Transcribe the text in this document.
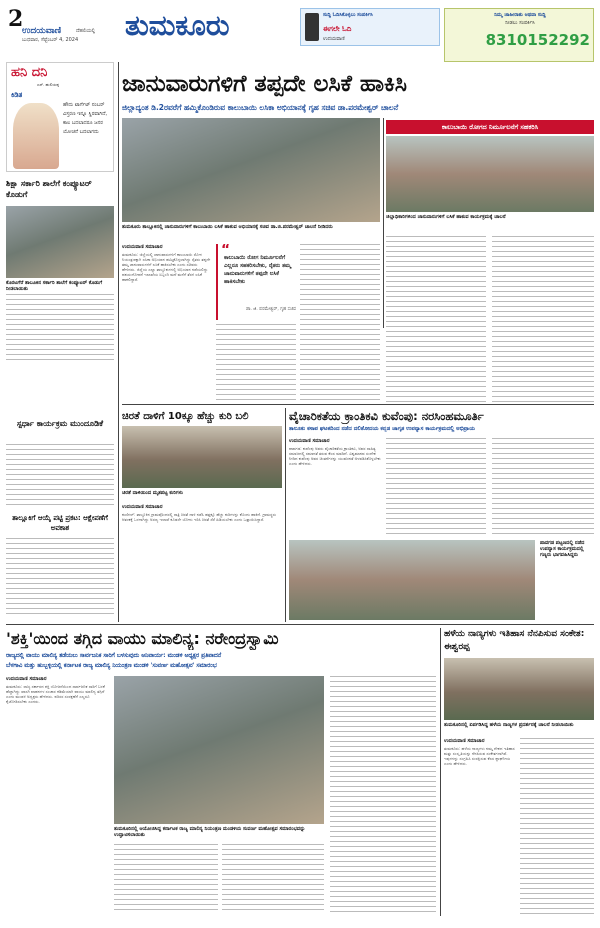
2
ಉದಯವಾಣಿ	ದೆಹಲಿಯಲ್ಲಿ
ಬುಧವಾರ, ಸೆಪ್ಟೆಂಬರ್ 4, 2024 ತುಮಕೂರು	ಸುದ್ದಿ ಓದಿಸಿಕೊಳ್ಳಲು ಸಂಪರ್ಕಿಸಿ
ಈಗಲೇ ಓದಿ
ಉದಯವಾಣಿ
ನಿಮ್ಮ ಜಾಹೀರಾತು ಅಥವಾ ಸುದ್ದಿ
ನೀಡಲು ಸಂಪರ್ಕಿಸಿ
8310152292
ಹನಿ ದನಿ
ಎಸ್. ಹುಲಿಯಪ್ಪ
ಕಿಡಿತ
ಹೌದು ಟಾರ್ಗೆಟ್ ನಂಬರ್ ವಿಸ್ತರಣ ಇನ್ನೂ ಸ್ಥಿರವಾಗಿದೆ, ಕಾಲ ಬದಲಾದರೂ ಜನರ ಯೋಚನೆ ಬದಲಾಗದು
ಶಿಕ್ಷಾ ಸರ್ಕಾರಿ ಶಾಲೆಗೆ ಕಂಪ್ಯೂಟರ್ ಕೊಡುಗೆ
ಕೊರಟಗೆರೆ ತಾಲೂಕಿನ ಸರ್ಕಾರಿ ಶಾಲೆಗೆ ಕಂಪ್ಯೂಟರ್ ಕೊಡುಗೆ ನೀಡಲಾಯಿತು
ಸ್ಪರ್ಧಾ ಕಾರ್ಯಕ್ರಮ ಮುಂದೂಡಿಕೆ
ತಾಲ್ಲೂಕಿಗೆ ಆಯ್ಕೆ ಪಟ್ಟಿ ಪ್ರಕಟ: ಆಕ್ಷೇಪಣೆಗೆ ಅವಕಾಶ
ಜಾನುವಾರುಗಳಿಗೆ ತಪ್ಪದೇ ಲಸಿಕೆ ಹಾಕಿಸಿ
ಜಿಲ್ಲಾದ್ಯಂತ ಡಿ.2ರವರೆಗೆ ಹಮ್ಮಿಕೊಂಡಿರುವ ಕಾಲುಬಾಯಿ ಲಸಿಕಾ ಅಭಿಯಾನಕ್ಕೆ ಗೃಹ ಸಚಿವ ಡಾ.ಪರಮೇಶ್ವರ್ ಚಾಲನೆ
ಕಾಲುಬಾಯಿ ರೋಗದ ನಿರ್ಮೂಲನೆಗೆ ಸಹಕರಿಸಿ
ಜಿಲ್ಲಾಧಿಕಾರಿಗಳಿಂದ ಜಾನುವಾರುಗಳಿಗೆ ಲಸಿಕೆ ಹಾಕುವ ಕಾರ್ಯಕ್ರಮಕ್ಕೆ ಚಾಲನೆ
ತುಮಕೂರು ತಾಲ್ಲೂಕಿನಲ್ಲಿ ಜಾನುವಾರುಗಳಿಗೆ ಕಾಲುಬಾಯಿ ಲಸಿಕೆ ಹಾಕುವ ಅಭಿಯಾನಕ್ಕೆ ಸಚಿವ ಡಾ.ಜಿ.ಪರಮೇಶ್ವರ್ ಚಾಲನೆ ನೀಡಿದರು
ಉದಯವಾಣಿ ಸಮಾಚಾರ
ತುಮಕೂರು: ಜಿಲ್ಲೆಯಲ್ಲಿ ಜಾನುವಾರುಗಳಿಗೆ ಕಾಲುಬಾಯಿ ರೋಗ ನಿಯಂತ್ರಣಕ್ಕಾಗಿ ಲಸಿಕಾ ಅಭಿಯಾನ ಹಮ್ಮಿಕೊಳ್ಳಲಾಗಿದ್ದು ರೈತರು ತಪ್ಪದೇ ತಮ್ಮ ಜಾನುವಾರುಗಳಿಗೆ ಲಸಿಕೆ ಹಾಕಿಸಬೇಕು ಎಂದು ಸಚಿವರು ಹೇಳಿದರು. ಜಿಲ್ಲೆಯ ಎಲ್ಲಾ ತಾಲ್ಲೂಕುಗಳಲ್ಲಿ ಅಭಿಯಾನ ನಡೆಯಲಿದ್ದು ಪಶುಸಂಗೋಪನೆ ಇಲಾಖೆಯ ಸಿಬ್ಬಂದಿ ಮನೆ ಮನೆಗೆ ತೆರಳಿ ಲಸಿಕೆ ಹಾಕಲಿದ್ದಾರೆ.
“
ಕಾಲುಬಾಯಿ ರೋಗ ನಿರ್ಮೂಲನೆಗೆ ಎಲ್ಲರೂ ಸಹಕರಿಸಬೇಕು, ರೈತರು ತಮ್ಮ ಜಾನುವಾರುಗಳಿಗೆ ತಪ್ಪದೇ ಲಸಿಕೆ ಹಾಕಿಸಬೇಕು
ಡಾ. ಜಿ. ಪರಮೇಶ್ವರ್, ಗೃಹ ಸಚಿವ
ಚಿರತೆ ದಾಳಿಗೆ 10ಕ್ಕೂ ಹೆಚ್ಚು ಕುರಿ ಬಲಿ
ಚಿರತೆ ದಾಳಿಯಿಂದ ಮೃತಪಟ್ಟ ಕುರಿಗಳು
ಉದಯವಾಣಿ ಸಮಾಚಾರ
ಕುಣಿಗಲ್: ತಾಲ್ಲೂಕಿನ ಗ್ರಾಮವೊಂದರಲ್ಲಿ ರಾತ್ರಿ ಚಿರತೆ ದಾಳಿ ನಡೆಸಿ ಹತ್ತಕ್ಕೂ ಹೆಚ್ಚು ಕುರಿಗಳನ್ನು ಕೊಂದು ಹಾಕಿದೆ. ಗ್ರಾಮಸ್ಥರು ಆತಂಕಕ್ಕೆ ಒಳಗಾಗಿದ್ದು ಅರಣ್ಯ ಇಲಾಖೆ ಕೂಡಲೇ ಬೋನು ಇರಿಸಿ ಚಿರತೆ ಸೆರೆ ಹಿಡಿಯಬೇಕು ಎಂದು ಒತ್ತಾಯಿಸಿದ್ದಾರೆ.
ವೈಚಾರಿಕತೆಯ ಕ್ರಾಂತಿಕವಿ ಕುವೆಂಪು: ನರಸಿಂಹಮೂರ್ತಿ
ತಾಲೂಕು ಕಸಾಪ ಘಟಕದಿಂದ ನಡೆದ ದಲಿತೋದಯ ಕನ್ನಡ ಜಾಗೃತ ಉಪನ್ಯಾಸ ಕಾರ್ಯಕ್ರಮದಲ್ಲಿ ಅಭಿಪ್ರಾಯ
ಉದಯವಾಣಿ ಸಮಾಚಾರ
ಪಾವಗಡ: ಕುವೆಂಪು ಅವರು ವೈಚಾರಿಕತೆಯ ಕ್ರಾಂತಿಕವಿ, ಅವರ ಸಾಹಿತ್ಯ ಸಮಾಜದಲ್ಲಿ ಸಮಾನತೆ ತರುವ ಕೆಲಸ ಮಾಡಿದೆ. ವಿಶ್ವಮಾನವ ಸಂದೇಶ ನೀಡಿದ ಕುವೆಂಪು ಅವರ ಚಿಂತನೆಗಳನ್ನು ಯುವಜನತೆ ಅಳವಡಿಸಿಕೊಳ್ಳಬೇಕು ಎಂದು ಹೇಳಿದರು.
ಪಾವಗಡ ಪಟ್ಟಣದಲ್ಲಿ ನಡೆದ ಉಪನ್ಯಾಸ ಕಾರ್ಯಕ್ರಮದಲ್ಲಿ ಗಣ್ಯರು ಭಾಗವಹಿಸಿದ್ದರು
'ಶಕ್ತಿ'ಯಿಂದ ತಗ್ಗಿದ ವಾಯು ಮಾಲಿನ್ಯ: ನರೇಂದ್ರಸ್ವಾಮಿ
ರಾಜ್ಯದಲ್ಲಿ ವಾಯು ಮಾಲಿನ್ಯ ತಡೆಯಲು ಸಾರ್ವಜನಿಕ ಸಾರಿಗೆ ಬಳಸುವುದು ಅನಿವಾರ್ಯ: ಮಂಡಳಿ ಅಧ್ಯಕ್ಷರ ಪ್ರತಿಪಾದನೆ
ಬೆಳಗಾವಿ ಮತ್ತು ಹುಬ್ಬಳ್ಳಿಯಲ್ಲಿ ಕರ್ನಾಟಕ ರಾಜ್ಯ ಮಾಲಿನ್ಯ ನಿಯಂತ್ರಣ ಮಂಡಳಿ 'ಸುವರ್ಣ ಮಹೋತ್ಸವ' ಸಮಾರಂಭ
ಉದಯವಾಣಿ ಸಮಾಚಾರ
ತುಮಕೂರು: ರಾಜ್ಯ ಸರ್ಕಾರದ ಶಕ್ತಿ ಯೋಜನೆಯಿಂದ ಸಾರ್ವಜನಿಕ ಸಾರಿಗೆ ಬಳಕೆ ಹೆಚ್ಚಾಗಿದ್ದು ಖಾಸಗಿ ವಾಹನಗಳ ಸಂಚಾರ ಕಡಿಮೆಯಾಗಿ ವಾಯು ಮಾಲಿನ್ಯ ತಗ್ಗಿದೆ ಎಂದು ಮಂಡಳಿ ಅಧ್ಯಕ್ಷರು ಹೇಳಿದರು. ಪರಿಸರ ಸಂರಕ್ಷಣೆಗೆ ಎಲ್ಲರೂ ಕೈಜೋಡಿಸಬೇಕು ಎಂದರು.
ತುಮಕೂರಿನಲ್ಲಿ ಆಯೋಜಿಸಿದ್ದ ಕರ್ನಾಟಕ ರಾಜ್ಯ ಮಾಲಿನ್ಯ ನಿಯಂತ್ರಣ ಮಂಡಳಿಯ ಸುವರ್ಣ ಮಹೋತ್ಸವ ಸಮಾರಂಭವನ್ನು ಉದ್ಘಾಟಿಸಲಾಯಿತು
ಹಳೆಯ ನಾಣ್ಯಗಳು ಇತಿಹಾಸ ನೆನಪಿಸುವ ಸಂಕೇತ: ಈಶ್ವರಪ್ಪ
ತುಮಕೂರಿನಲ್ಲಿ ಏರ್ಪಡಿಸಿದ್ದ ಹಳೆಯ ನಾಣ್ಯಗಳ ಪ್ರದರ್ಶನಕ್ಕೆ ಚಾಲನೆ ನೀಡಲಾಯಿತು
ಉದಯವಾಣಿ ಸಮಾಚಾರ
ತುಮಕೂರು: ಹಳೆಯ ನಾಣ್ಯಗಳು ನಮ್ಮ ದೇಶದ ಇತಿಹಾಸ ಮತ್ತು ಸಂಸ್ಕೃತಿಯನ್ನು ನೆನಪಿಸುವ ಸಂಕೇತಗಳಾಗಿವೆ. ಇವುಗಳನ್ನು ಸಂಗ್ರಹಿಸಿ ಸಂರಕ್ಷಿಸುವ ಕೆಲಸ ಶ್ಲಾಘನೀಯ ಎಂದು ಹೇಳಿದರು.
